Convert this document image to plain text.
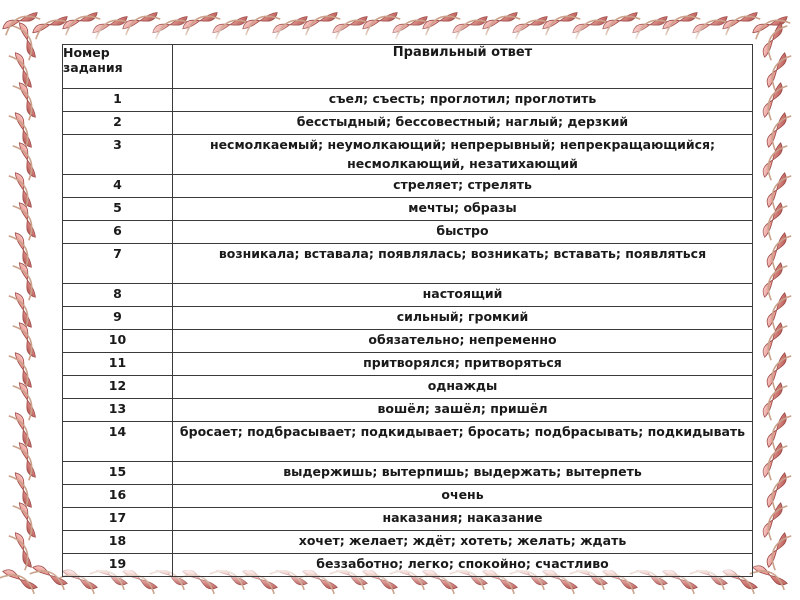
Номер задания	Правильный ответ
1	съел; съесть; проглотил; проглотить
2	бесстыдный; бессовестный; наглый; дерзкий
3	несмолкаемый; неумолкающий; непрерывный; непрекращающийся; несмолкающий, незатихающий
4	стреляет; стрелять
5	мечты; образы
6	быстро
7	возникала; вставала; появлялась; возникать; вставать; появляться
8	настоящий
9	сильный; громкий
10	обязательно; непременно
11	притворялся; притворяться
12	однажды
13	вошёл; зашёл; пришёл
14	бросает; подбрасывает; подкидывает; бросать; подбрасывать; подкидывать
15	выдержишь; вытерпишь; выдержать; вытерпеть
16	очень
17	наказания; наказание
18	хочет; желает; ждёт; хотеть; желать; ждать
19	беззаботно; легко; спокойно; счастливо
